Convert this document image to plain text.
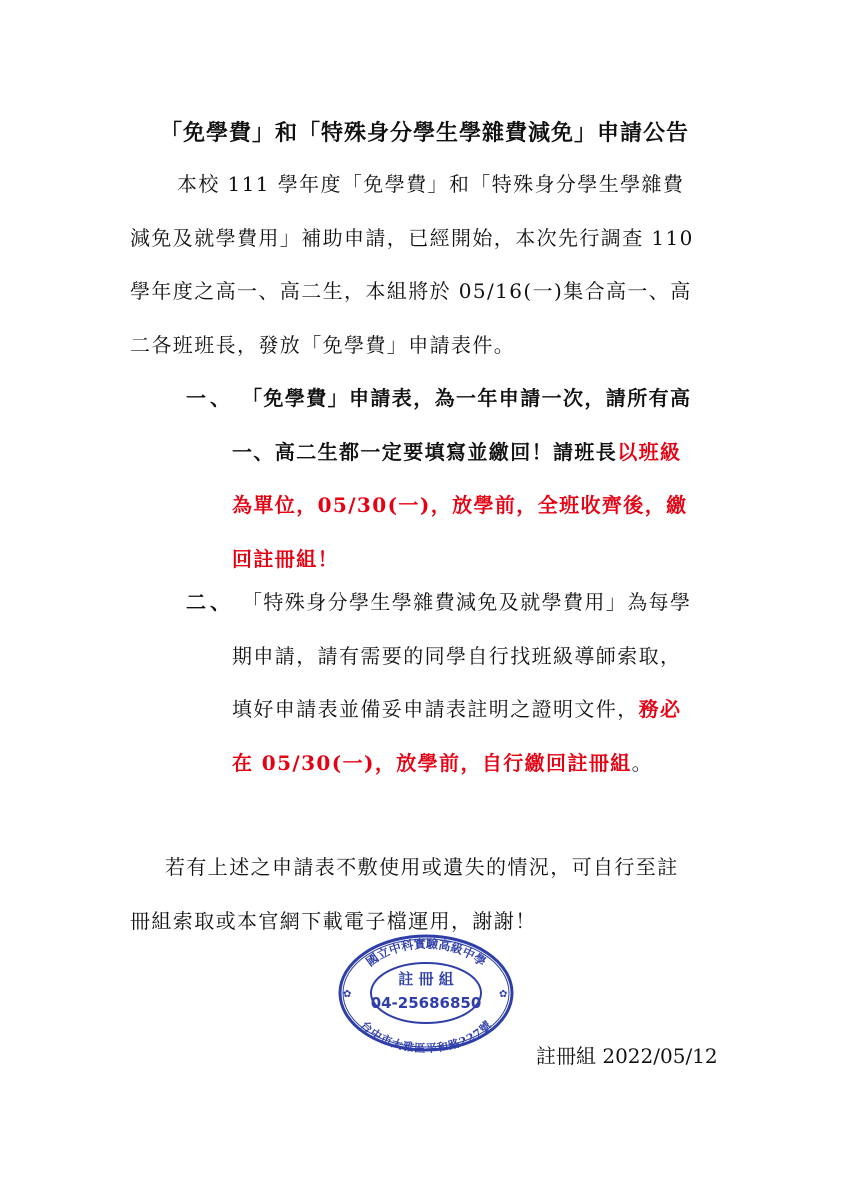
「免學費」和「特殊身分學生學雜費減免」申請公告
本校 111 學年度「免學費」和「特殊身分學生學雜費
減免及就學費用」補助申請，已經開始，本次先行調查 110
學年度之高一、高二生，本組將於 05/16(一)集合高一、高
二各班班長，發放「免學費」申請表件。
一、 「免學費」申請表，為一年申請一次，請所有高
一、高二生都一定要填寫並繳回！請班長以班級
為單位，05/30(一)，放學前，全班收齊後，繳
回註冊組！
二、 「特殊身分學生學雜費減免及就學費用」為每學
期申請，請有需要的同學自行找班級導師索取，
填好申請表並備妥申請表註明之證明文件，務必
在 05/30(一)，放學前，自行繳回註冊組。
若有上述之申請表不敷使用或遺失的情況，可自行至註
冊組索取或本官網下載電子檔運用，謝謝！
國立中科實驗高級中學
台中市大雅區平和路227號
✿	✿
註 冊 組
04-25686850
註冊組 2022/05/12
